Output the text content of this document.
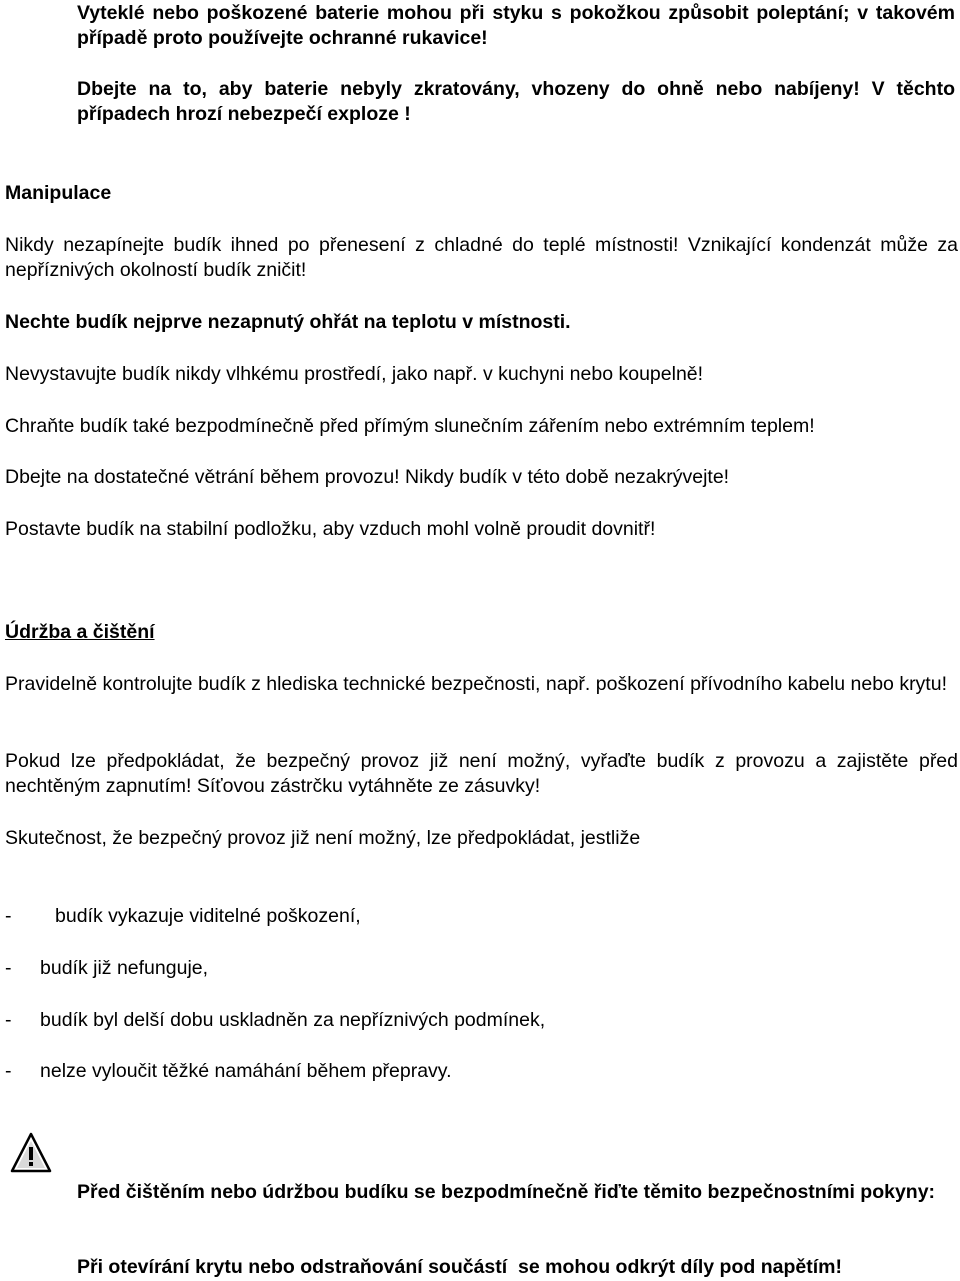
Vyteklé nebo poškozené baterie mohou při styku s pokožkou způsobit poleptání; v takovém případě proto používejte ochranné rukavice!
Dbejte na to, aby baterie nebyly zkratovány, vhozeny do ohně nebo nabíjeny! V těchto případech hrozí nebezpečí exploze !
Manipulace
Nikdy nezapínejte budík ihned po přenesení z chladné do teplé místnosti! Vznikající kondenzát může za nepříznivých okolností budík zničit!
Nechte budík nejprve nezapnutý ohřát na teplotu v místnosti.
Nevystavujte budík nikdy vlhkému prostředí, jako např. v kuchyni nebo koupelně!
Chraňte budík také bezpodmínečně před přímým slunečním zářením nebo extrémním teplem!
Dbejte na dostatečné větrání během provozu! Nikdy budík v této době nezakrývejte!
Postavte budík na stabilní podložku, aby vzduch mohl volně proudit dovnitř!
Údržba a čištění
Pravidelně kontrolujte budík z hlediska technické bezpečnosti, např. poškození přívodního kabelu nebo krytu!
Pokud lze předpokládat, že bezpečný provoz již není možný, vyřaďte budík z provozu a zajistěte před nechtěným zapnutím! Síťovou zástrčku vytáhněte ze zásuvky!
Skutečnost, že bezpečný provoz již není možný, lze předpokládat, jestliže
- budík vykazuje viditelné poškození,
- budík již nefunguje,
- budík byl delší dobu uskladněn za nepříznivých podmínek,
- nelze vyloučit těžké namáhání během přepravy.
Před čištěním nebo údržbou budíku se bezpodmínečně řiďte těmito bezpečnostními pokyny:
Při otevírání krytu nebo odstraňování součástí  se mohou odkrýt díly pod napětím!
